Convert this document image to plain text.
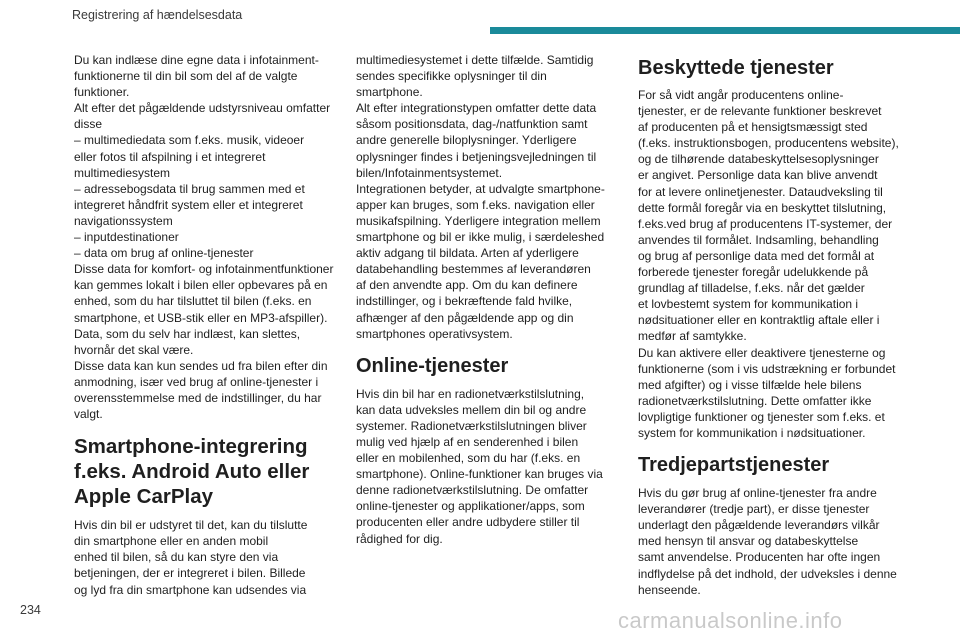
Registrering af hændelsesdata

Du kan indlæse dine egne data i infotainment-
funktionerne til din bil som del af de valgte
funktioner.
Alt efter det pågældende udstyrsniveau omfatter
disse
– multimediedata som f.eks. musik, videoer
eller fotos til afspilning i et integreret
multimediesystem
– adressebogsdata til brug sammen med et
integreret håndfrit system eller et integreret
navigationssystem
– inputdestinationer
– data om brug af online-tjenester
Disse data for komfort- og infotainmentfunktioner
kan gemmes lokalt i bilen eller opbevares på en
enhed, som du har tilsluttet til bilen (f.eks. en
smartphone, et USB-stik eller en MP3-afspiller).
Data, som du selv har indlæst, kan slettes,
hvornår det skal være.
Disse data kan kun sendes ud fra bilen efter din
anmodning, især ved brug af online-tjenester i
overensstemmelse med de indstillinger, du har
valgt.

Smartphone-integrering
f.eks. Android Auto eller
Apple CarPlay

Hvis din bil er udstyret til det, kan du tilslutte
din smartphone eller en anden mobil
enhed til bilen, så du kan styre den via
betjeningen, der er integreret i bilen. Billede
og lyd fra din smartphone kan udsendes via

multimediesystemet i dette tilfælde. Samtidig
sendes specifikke oplysninger til din smartphone.
Alt efter integrationstypen omfatter dette data
såsom positionsdata, dag-/natfunktion samt
andre generelle biloplysninger. Yderligere
oplysninger findes i betjeningsvejledningen til
bilen/Infotainmentsystemet.
Integrationen betyder, at udvalgte smartphone-
apper kan bruges, som f.eks. navigation eller
musikafspilning. Yderligere integration mellem
smartphone og bil er ikke mulig, i særdeleshed
aktiv adgang til bildata. Arten af yderligere
databehandling bestemmes af leverandøren
af den anvendte app. Om du kan definere
indstillinger, og i bekræftende fald hvilke,
afhænger af den pågældende app og din
smartphones operativsystem.

Online-tjenester

Hvis din bil har en radionetværkstilslutning,
kan data udveksles mellem din bil og andre
systemer. Radionetværkstilslutningen bliver
mulig ved hjælp af en senderenhed i bilen
eller en mobilenhed, som du har (f.eks. en
smartphone). Online-funktioner kan bruges via
denne radionetværkstilslutning. De omfatter
online-tjenester og applikationer/apps, som
producenten eller andre udbydere stiller til
rådighed for dig.

Beskyttede tjenester

For så vidt angår producentens online-
tjenester, er de relevante funktioner beskrevet
af producenten på et hensigtsmæssigt sted
(f.eks. instruktionsbogen, producentens website),
og de tilhørende databeskyttelsesoplysninger
er angivet. Personlige data kan blive anvendt
for at levere onlinetjenester. Dataudveksling til
dette formål foregår via en beskyttet tilslutning,
f.eks.ved brug af producentens IT-systemer, der
anvendes til formålet. Indsamling, behandling
og brug af personlige data med det formål at
forberede tjenester foregår udelukkende på
grundlag af tilladelse, f.eks. når det gælder
et lovbestemt system for kommunikation i
nødsituationer eller en kontraktlig aftale eller i
medfør af samtykke.
Du kan aktivere eller deaktivere tjenesterne og
funktionerne (som i vis udstrækning er forbundet
med afgifter) og i visse tilfælde hele bilens
radionetværkstilslutning. Dette omfatter ikke
lovpligtige funktioner og tjenester som f.eks. et
system for kommunikation i nødsituationer.

Tredjepartstjenester

Hvis du gør brug af online-tjenester fra andre
leverandører (tredje part), er disse tjenester
underlagt den pågældende leverandørs vilkår
med hensyn til ansvar og databeskyttelse
samt anvendelse. Producenten har ofte ingen
indflydelse på det indhold, der udveksles i denne
henseende.

234	carmanualsonline.info
